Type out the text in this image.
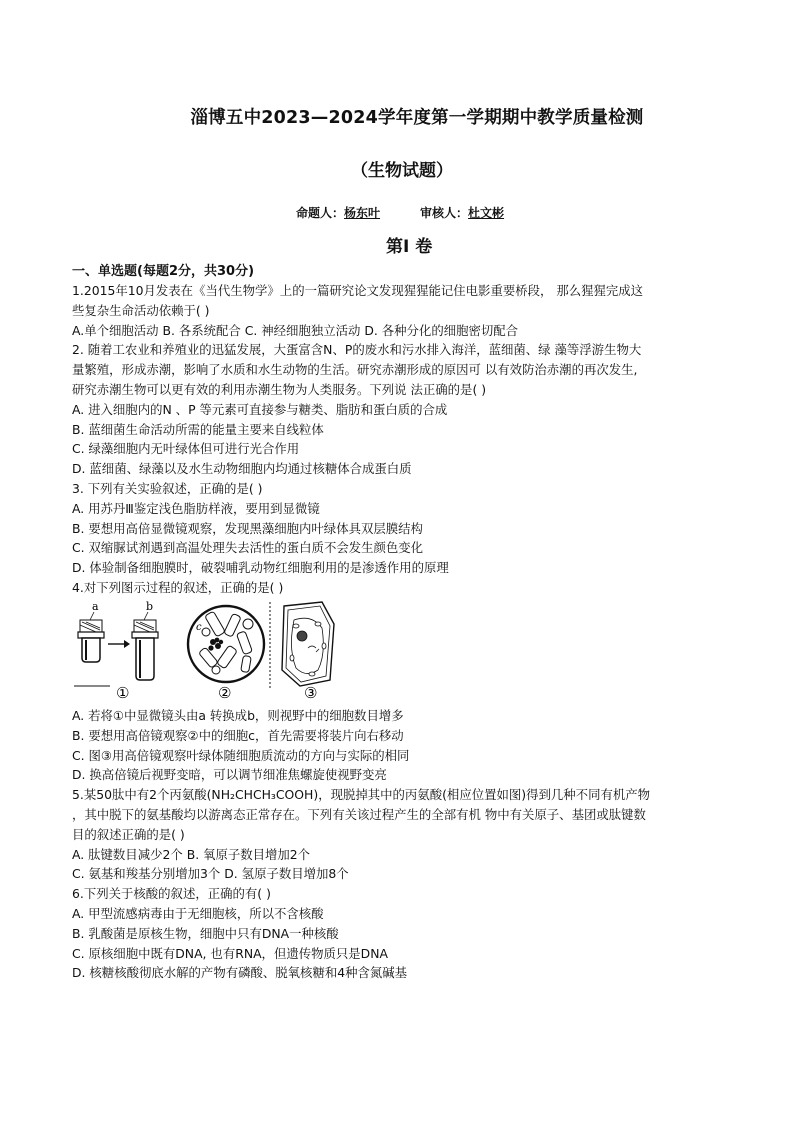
淄博五中2023—2024学年度第一学期期中教学质量检测
（生物试题）
命题人：杨东叶	审核人：杜文彬
第I 卷
一、单选题(每题2分，共30分)
1.2015年10月发表在《当代生物学》上的一篇研究论文发现猩猩能记住电影重要桥段， 那么猩猩完成这
些复杂生命活动依赖于( )
A.单个细胞活动 B. 各系统配合 C. 神经细胞独立活动 D. 各种分化的细胞密切配合
2. 随着工农业和养殖业的迅猛发展，大蛋富含N、P的废水和污水排入海洋，蓝细菌、绿 藻等浮游生物大
量繁殖，形成赤潮，影响了水质和水生动物的生活。研究赤潮形成的原因可 以有效防治赤潮的再次发生,
研究赤潮生物可以更有效的利用赤潮生物为人类服务。下列说 法正确的是( )
A. 进入细胞内的N 、P 等元素可直接参与糖类、脂肪和蛋白质的合成
B. 蓝细菌生命活动所需的能量主要来自线粒体
C. 绿藻细胞内无叶绿体但可进行光合作用
D. 蓝细菌、绿藻以及水生动物细胞内均通过核糖体合成蛋白质
3. 下列有关实验叙述，正确的是( )
A. 用苏丹Ⅲ鉴定浅色脂肪样液，要用到显微镜
B. 要想用高倍显微镜观察，发现黑藻细胞内叶绿体具双层膜结构
C. 双缩脲试剂遇到高温处理失去活性的蛋白质不会发生颜色变化
D. 体验制备细胞膜时，破裂哺乳动物红细胞利用的是渗透作用的原理
4.对下列图示过程的叙述，正确的是( )
a	b
①
c
②	③
A. 若将①中显微镜头由a 转换成b，则视野中的细胞数目增多
B. 要想用高倍镜观察②中的细胞c，首先需要将装片向右移动
C. 图③用高倍镜观察叶绿体随细胞质流动的方向与实际的相同
D. 换高倍镜后视野变暗，可以调节细准焦螺旋使视野变亮
5.某50肽中有2个丙氨酸(NH₂CHCH₃COOH)，现脱掉其中的丙氨酸(相应位置如图)得到几种不同有机产物
，其中脱下的氨基酸均以游离态正常存在。下列有关该过程产生的全部有机 物中有关原子、基团或肽键数
目的叙述正确的是( )
A. 肽键数目减少2个 B. 氧原子数目增加2个
C. 氨基和羧基分别增加3个 D. 氢原子数目增加8个
6.下列关于核酸的叙述，正确的有( )
A. 甲型流感病毒由于无细胞核，所以不含核酸
B. 乳酸菌是原核生物，细胞中只有DNA一种核酸
C. 原核细胞中既有DNA, 也有RNA，但遗传物质只是DNA
D. 核糖核酸彻底水解的产物有磷酸、脱氧核糖和4种含氮碱基
